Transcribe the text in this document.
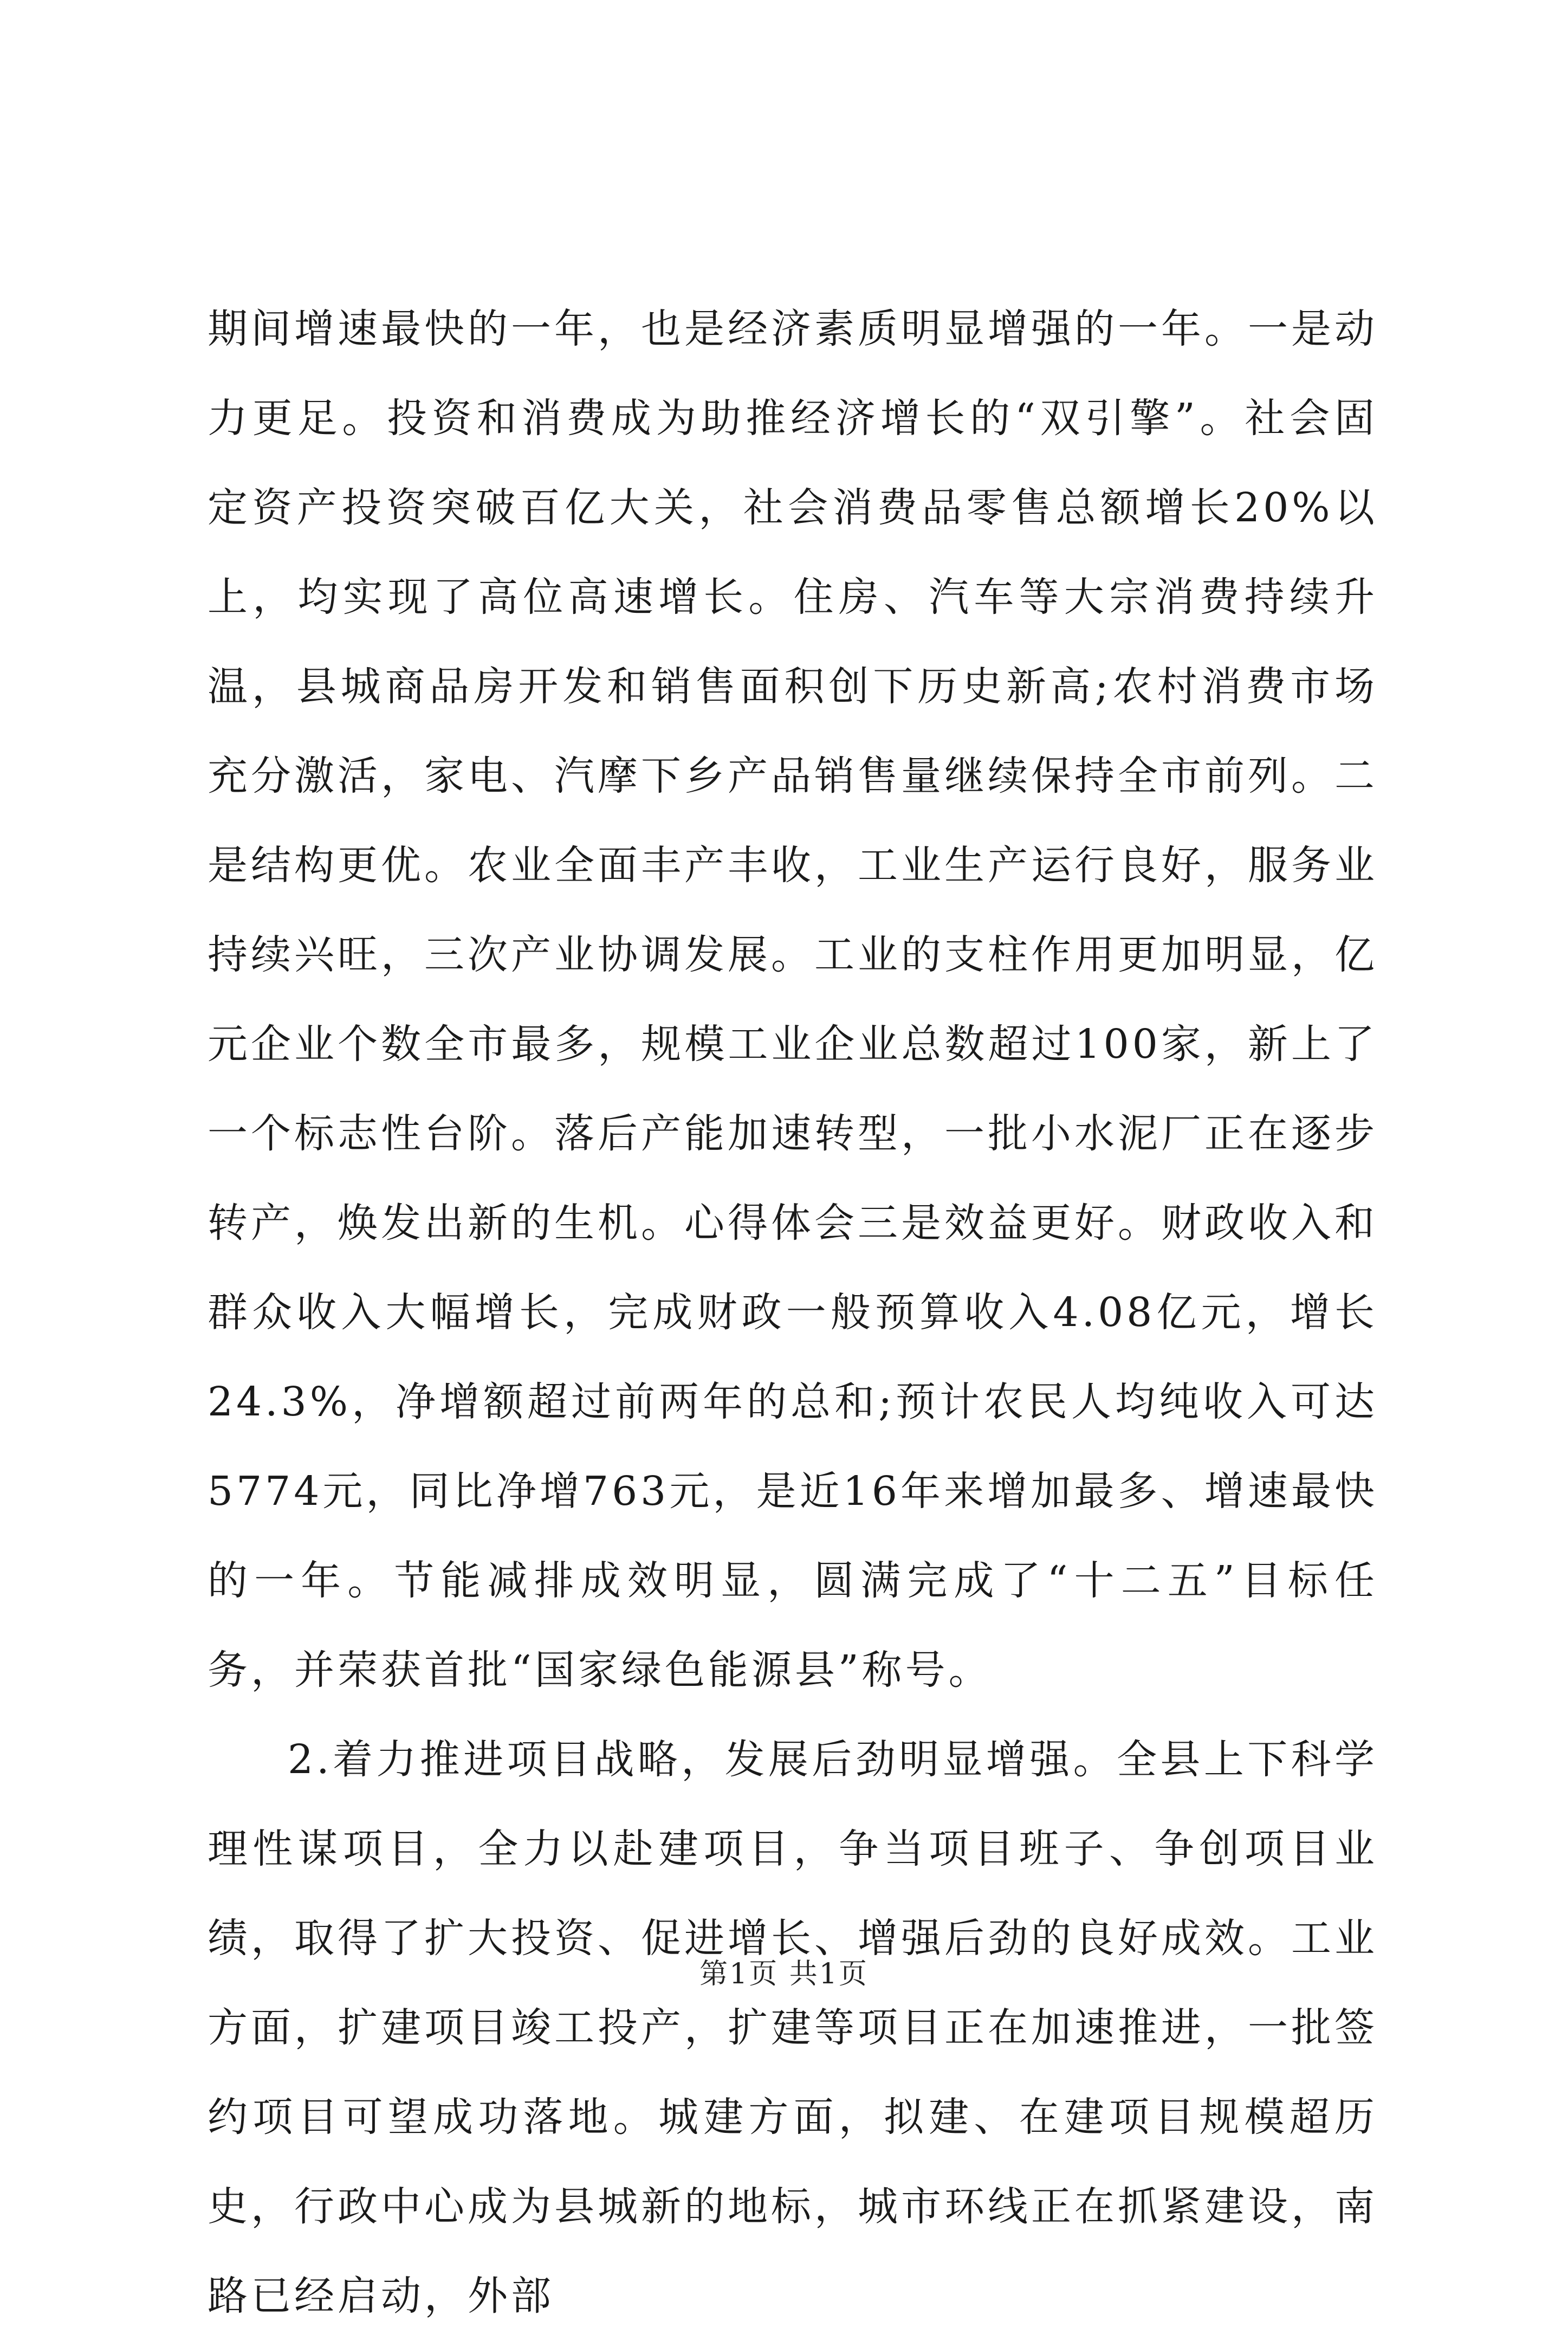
期间增速最快的一年，也是经济素质明显增强的一年。一是动力更足。投资和消费成为助推经济增长的“双引擎”。社会固定资产投资突破百亿大关，社会消费品零售总额增长20%以上，均实现了高位高速增长。住房、汽车等大宗消费持续升温，县城商品房开发和销售面积创下历史新高;农村消费市场充分激活，家电、汽摩下乡产品销售量继续保持全市前列。二是结构更优。农业全面丰产丰收，工业生产运行良好，服务业持续兴旺，三次产业协调发展。工业的支柱作用更加明显，亿元企业个数全市最多，规模工业企业总数超过100家，新上了一个标志性台阶。落后产能加速转型，一批小水泥厂正在逐步转产，焕发出新的生机。心得体会三是效益更好。财政收入和群众收入大幅增长，完成财政一般预算收入4.08亿元，增长24.3%，净增额超过前两年的总和;预计农民人均纯收入可达5774元，同比净增763元，是近16年来增加最多、增速最快的一年。节能减排成效明显，圆满完成了“十二五”目标任务，并荣获首批“国家绿色能源县”称号。

2.着力推进项目战略，发展后劲明显增强。全县上下科学理性谋项目，全力以赴建项目，争当项目班子、争创项目业绩，取得了扩大投资、促进增长、增强后劲的良好成效。工业方面，扩建项目竣工投产，扩建等项目正在加速推进，一批签约项目可望成功落地。城建方面，拟建、在建项目规模超历史，行政中心成为县城新的地标，城市环线正在抓紧建设，南路已经启动，外部

第1页 共1页
